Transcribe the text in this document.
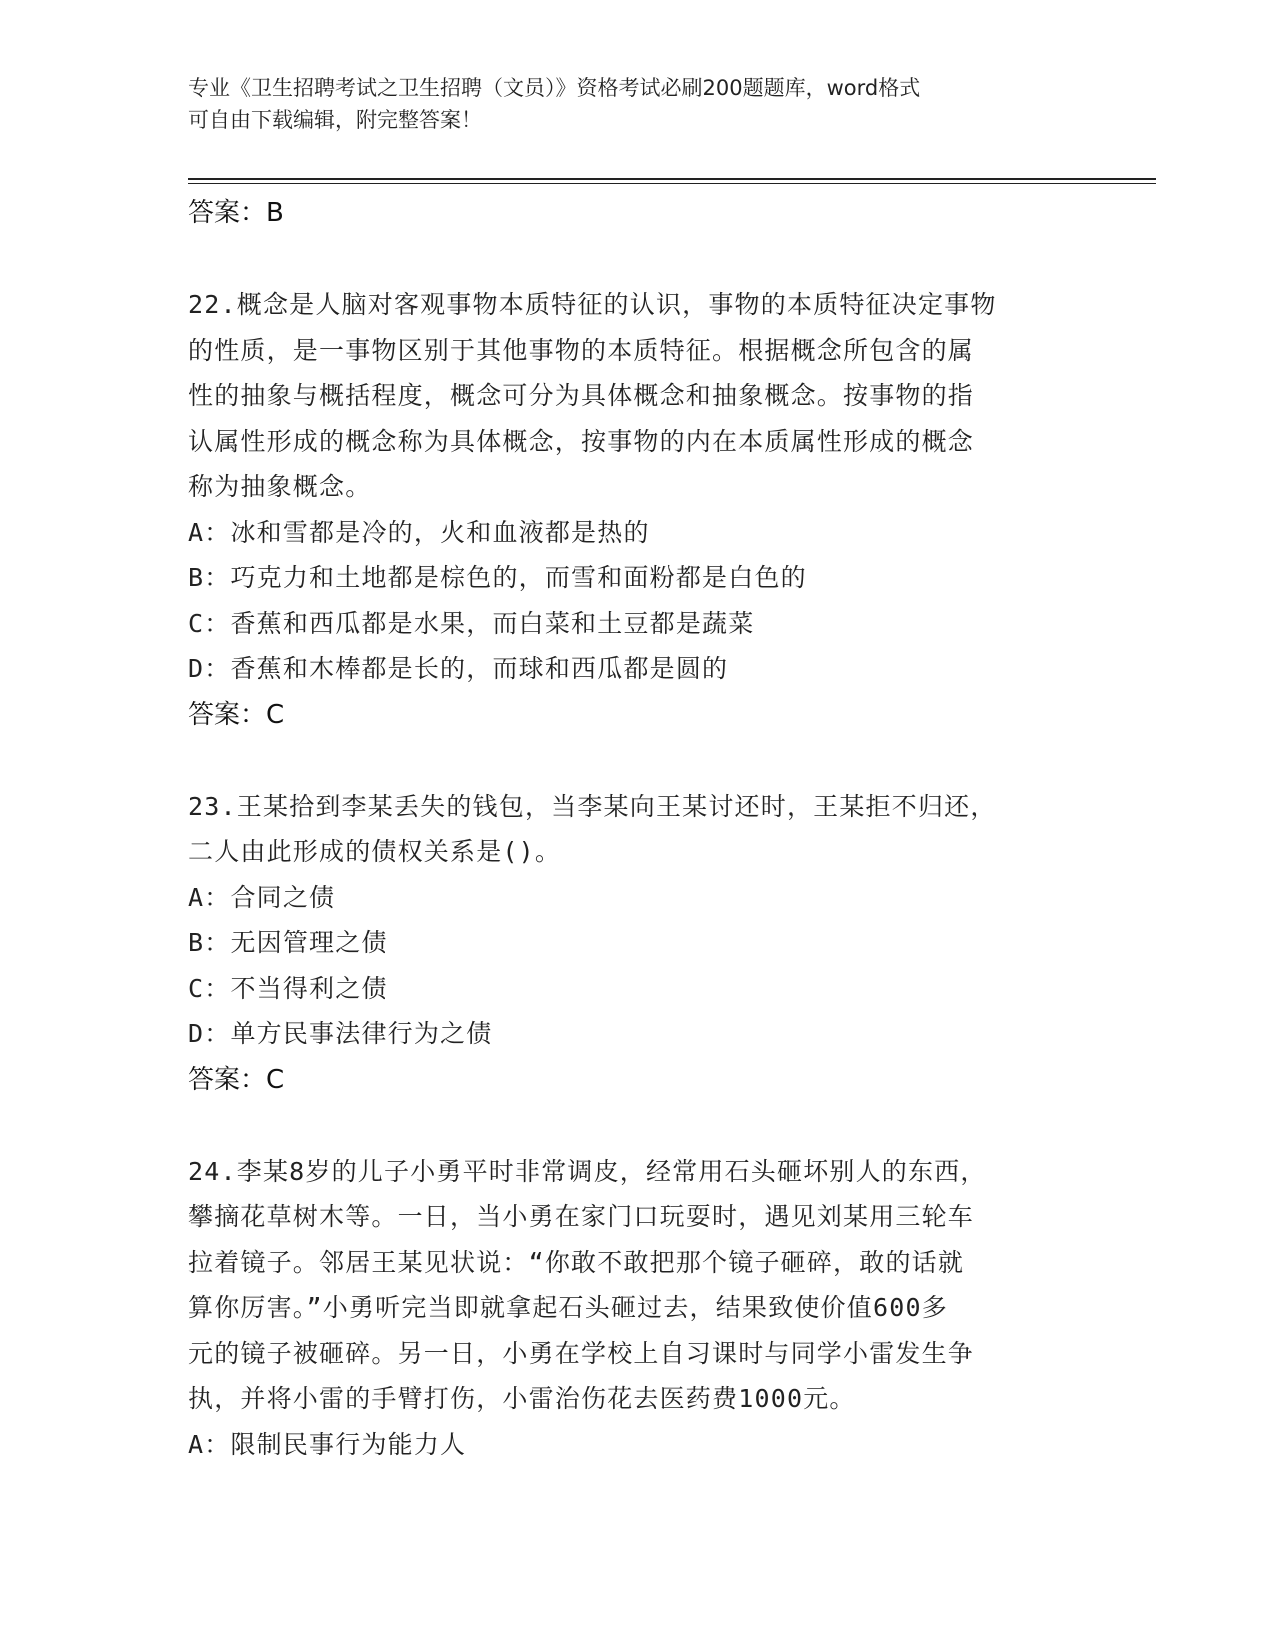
专业《卫生招聘考试之卫生招聘（文员）》资格考试必刷200题题库，word格式

可自由下载编辑，附完整答案！

答案：B

22.概念是人脑对客观事物本质特征的认识，事物的本质特征决定事物

的性质，是一事物区别于其他事物的本质特征。根据概念所包含的属

性的抽象与概括程度，概念可分为具体概念和抽象概念。按事物的指

认属性形成的概念称为具体概念，按事物的内在本质属性形成的概念

称为抽象概念。

A：冰和雪都是冷的，火和血液都是热的

B：巧克力和土地都是棕色的，而雪和面粉都是白色的

C：香蕉和西瓜都是水果，而白菜和土豆都是蔬菜

D：香蕉和木棒都是长的，而球和西瓜都是圆的

答案：C

23.王某拾到李某丢失的钱包，当李某向王某讨还时，王某拒不归还，

二人由此形成的债权关系是()。

A：合同之债

B：无因管理之债

C：不当得利之债

D：单方民事法律行为之债

答案：C

24.李某8岁的儿子小勇平时非常调皮，经常用石头砸坏别人的东西，

攀摘花草树木等。一日，当小勇在家门口玩耍时，遇见刘某用三轮车

拉着镜子。邻居王某见状说：“你敢不敢把那个镜子砸碎，敢的话就

算你厉害。”小勇听完当即就拿起石头砸过去，结果致使价值600多

元的镜子被砸碎。另一日，小勇在学校上自习课时与同学小雷发生争

执，并将小雷的手臂打伤，小雷治伤花去医药费1000元。

A：限制民事行为能力人
